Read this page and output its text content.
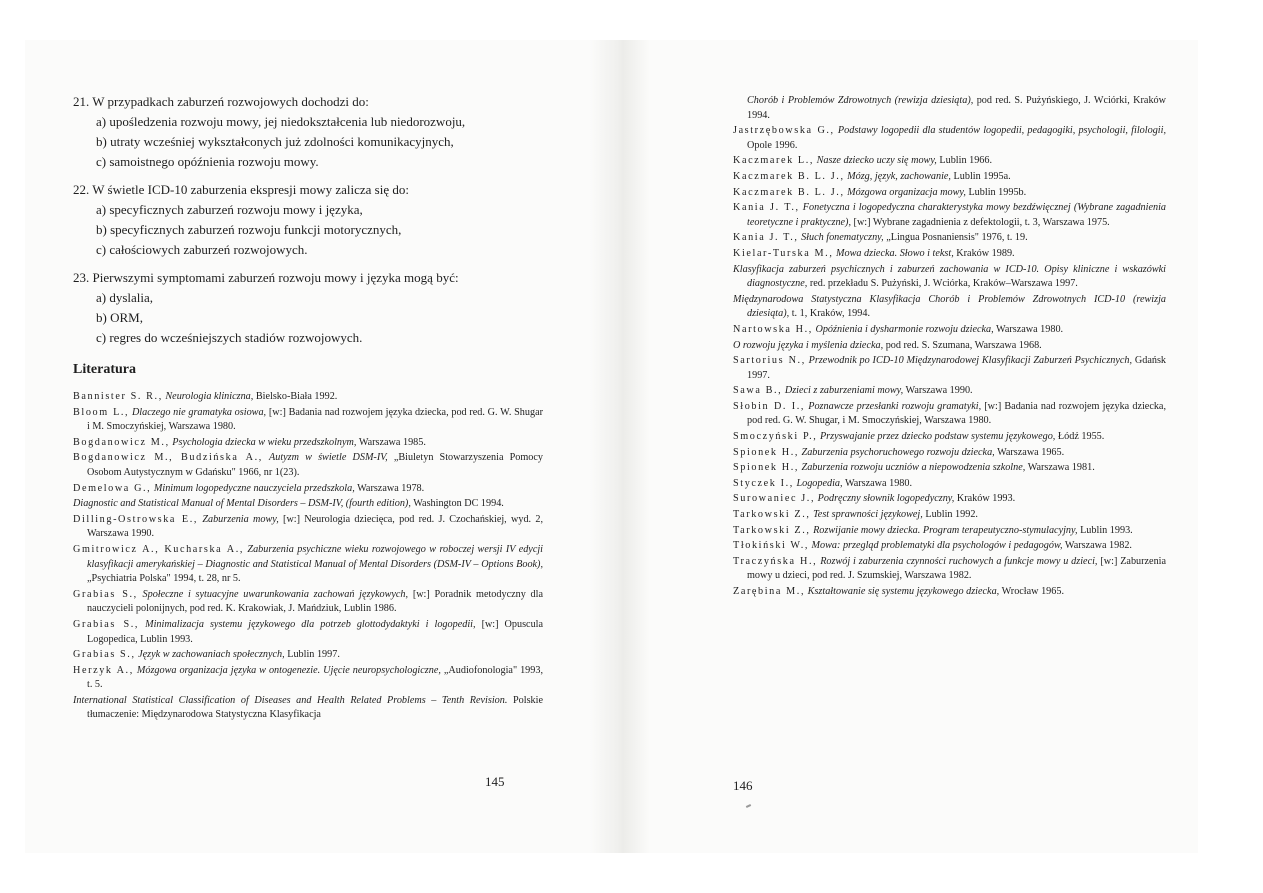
21. W przypadkach zaburzeń rozwojowych dochodzi do:
a) upośledzenia rozwoju mowy, jej niedokształcenia lub niedorozwoju,
b) utraty wcześniej wykształconych już zdolności komunikacyjnych,
c) samoistnego opóźnienia rozwoju mowy.
22. W świetle ICD-10 zaburzenia ekspresji mowy zalicza się do:
a) specyficznych zaburzeń rozwoju mowy i języka,
b) specyficznych zaburzeń rozwoju funkcji motorycznych,
c) całościowych zaburzeń rozwojowych.
23. Pierwszymi symptomami zaburzeń rozwoju mowy i języka mogą być:
a) dyslalia,
b) ORM,
c) regres do wcześniejszych stadiów rozwojowych.
Literatura

Bannister S. R., Neurologia kliniczna, Bielsko-Biała 1992.

Bloom L., Dlaczego nie gramatyka osiowa, [w:] Badania nad rozwojem języka dziecka, pod red. G. W. Shugar i M. Smoczyńskiej, Warszawa 1980.

Bogdanowicz M., Psychologia dziecka w wieku przedszkolnym, Warszawa 1985.

Bogdanowicz M., Budzińska A., Autyzm w świetle DSM-IV, „Biuletyn Stowarzyszenia Pomocy Osobom Autystycznym w Gdańsku" 1966, nr 1(23).

Demelowa G., Minimum logopedyczne nauczyciela przedszkola, Warszawa 1978.

Diagnostic and Statistical Manual of Mental Disorders – DSM-IV, (fourth edition), Washington DC 1994.

Dilling-Ostrowska E., Zaburzenia mowy, [w:] Neurologia dziecięca, pod red. J. Czochańskiej, wyd. 2, Warszawa 1990.

Gmitrowicz A., Kucharska A., Zaburzenia psychiczne wieku rozwojowego w roboczej wersji IV edycji klasyfikacji amerykańskiej – Diagnostic and Statistical Manual of Mental Disorders (DSM-IV – Options Book), „Psychiatria Polska" 1994, t. 28, nr 5.

Grabias S., Społeczne i sytuacyjne uwarunkowania zachowań językowych, [w:] Poradnik metodyczny dla nauczycieli polonijnych, pod red. K. Krakowiak, J. Mańdziuk, Lublin 1986.

Grabias S., Minimalizacja systemu językowego dla potrzeb glottodydaktyki i logopedii, [w:] Opuscula Logopedica, Lublin 1993.

Grabias S., Język w zachowaniach społecznych, Lublin 1997.

Herzyk A., Mózgowa organizacja języka w ontogenezie. Ujęcie neuropsychologiczne, „Audiofonologia" 1993, t. 5.

International Statistical Classification of Diseases and Health Related Problems – Tenth Revision. Polskie tłumaczenie: Międzynarodowa Statystyczna Klasyfikacja

145

Chorób i Problemów Zdrowotnych (rewizja dziesiąta), pod red. S. Pużyńskiego, J. Wciórki, Kraków 1994.

Jastrzębowska G., Podstawy logopedii dla studentów logopedii, pedagogiki, psychologii, filologii, Opole 1996.

Kaczmarek L., Nasze dziecko uczy się mowy, Lublin 1966.

Kaczmarek B. L. J., Mózg, język, zachowanie, Lublin 1995a.

Kaczmarek B. L. J., Mózgowa organizacja mowy, Lublin 1995b.

Kania J. T., Fonetyczna i logopedyczna charakterystyka mowy bezdźwięcznej (Wybrane zagadnienia teoretyczne i praktyczne), [w:] Wybrane zagadnienia z defektologii, t. 3, Warszawa 1975.

Kania J. T., Słuch fonematyczny, „Lingua Posnaniensis" 1976, t. 19.

Kielar-Turska M., Mowa dziecka. Słowo i tekst, Kraków 1989.

Klasyfikacja zaburzeń psychicznych i zaburzeń zachowania w ICD-10. Opisy kliniczne i wskazówki diagnostyczne, red. przekładu S. Pużyński, J. Wciórka, Kraków–Warszawa 1997.

Międzynarodowa Statystyczna Klasyfikacja Chorób i Problemów Zdrowotnych ICD-10 (rewizja dziesiąta), t. 1, Kraków, 1994.

Nartowska H., Opóźnienia i dysharmonie rozwoju dziecka, Warszawa 1980.

O rozwoju języka i myślenia dziecka, pod red. S. Szumana, Warszawa 1968.

Sartorius N., Przewodnik po ICD-10 Międzynarodowej Klasyfikacji Zaburzeń Psychicznych, Gdańsk 1997.

Sawa B., Dzieci z zaburzeniami mowy, Warszawa 1990.

Słobin D. I., Poznawcze przesłanki rozwoju gramatyki, [w:] Badania nad rozwojem języka dziecka, pod red. G. W. Shugar, i M. Smoczyńskiej, Warszawa 1980.

Smoczyński P., Przyswajanie przez dziecko podstaw systemu językowego, Łódź 1955.

Spionek H., Zaburzenia psychoruchowego rozwoju dziecka, Warszawa 1965.

Spionek H., Zaburzenia rozwoju uczniów a niepowodzenia szkolne, Warszawa 1981.

Styczek I., Logopedia, Warszawa 1980.

Surowaniec J., Podręczny słownik logopedyczny, Kraków 1993.

Tarkowski Z., Test sprawności językowej, Lublin 1992.

Tarkowski Z., Rozwijanie mowy dziecka. Program terapeutyczno-stymulacyjny, Lublin 1993.

Tłokiński W., Mowa: przegląd problematyki dla psychologów i pedagogów, Warszawa 1982.

Traczyńska H., Rozwój i zaburzenia czynności ruchowych a funkcje mowy u dzieci, [w:] Zaburzenia mowy u dzieci, pod red. J. Szumskiej, Warszawa 1982.

Zarębina M., Kształtowanie się systemu językowego dziecka, Wrocław 1965.

146
